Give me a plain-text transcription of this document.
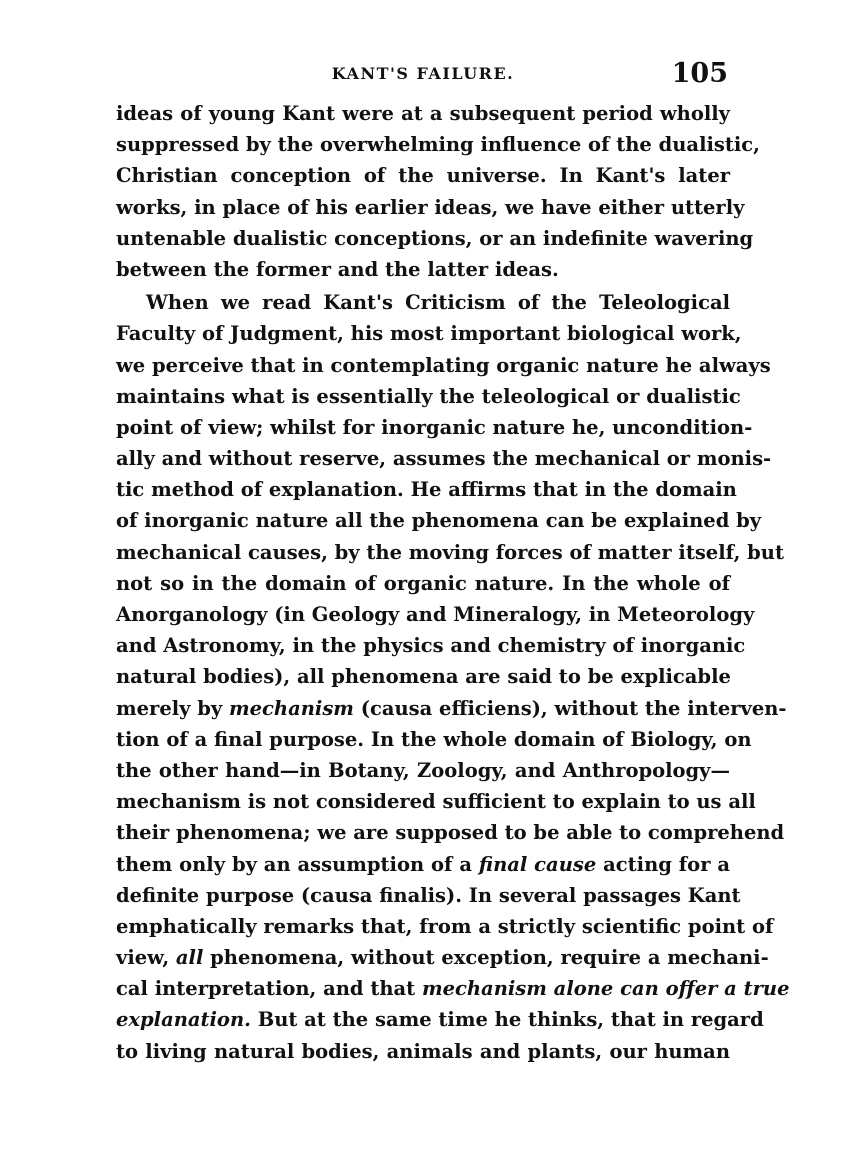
KANT'S FAILURE.	105
ideas of young Kant were at a subsequent period wholly
suppressed by the overwhelming influence of the dualistic,
Christian conception of the universe. In Kant's later
works, in place of his earlier ideas, we have either utterly
untenable dualistic conceptions, or an indefinite wavering
between the former and the latter ideas.
When we read Kant's Criticism of the Teleological
Faculty of Judgment, his most important biological work,
we perceive that in contemplating organic nature he always
maintains what is essentially the teleological or dualistic
point of view; whilst for inorganic nature he, uncondition-
ally and without reserve, assumes the mechanical or monis-
tic method of explanation. He affirms that in the domain
of inorganic nature all the phenomena can be explained by
mechanical causes, by the moving forces of matter itself, but
not so in the domain of organic nature. In the whole of
Anorganology (in Geology and Mineralogy, in Meteorology
and Astronomy, in the physics and chemistry of inorganic
natural bodies), all phenomena are said to be explicable
merely by mechanism (causa efficiens), without the interven-
tion of a final purpose. In the whole domain of Biology, on
the other hand—in Botany, Zoology, and Anthropology—
mechanism is not considered sufficient to explain to us all
their phenomena; we are supposed to be able to comprehend
them only by an assumption of a final cause acting for a
definite purpose (causa finalis). In several passages Kant
emphatically remarks that, from a strictly scientific point of
view, all phenomena, without exception, require a mechani-
cal interpretation, and that mechanism alone can offer a true
explanation. But at the same time he thinks, that in regard
to living natural bodies, animals and plants, our human
